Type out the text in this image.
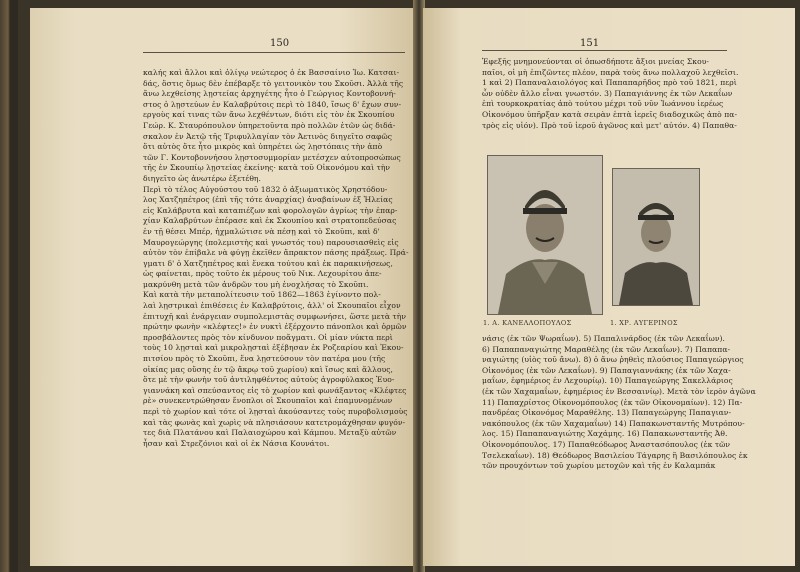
150	151
καλής καὶ ἄλλοι καὶ ὀλίγῳ νεώτερος ὁ ἐκ Βασσαίνιο Ἰω. Κατσαι-
δάς, ὅστις ὅμως δὲν ἐπέβαρξε τὸ γειτονικὸν του Σκοῦσι. Ἀλλὰ τῆς
ἄνω λεχθείσης λῃστείας ἀρχηγέτης ἦτο ὁ Γεώργιος Κοντοβοννή-
στος ὁ λῃστεύων ἐν Καλαβρύτοις περὶ τὸ 1840, ἴσως δ' ἔχων συν-
εργοὺς καί τινας τῶν ἄνω λεχθέντων, διότι εἰς τὸν ἐκ Σκουπίου
Γεώρ. Κ. Σταυρόπουλον ὑπηρετοῦντα πρὸ πολλῶν ἐτῶν ὡς διδά-
σκαλον ἐν Ἀετῷ τῆς Τριφυλλαγίαν τὸν Ἀετινὸς διηγεῖτο σαφῶς
ὅτι αὐτὸς ὅτε ἦτο μικρὸς καὶ ὑπηρέτει ὡς λῃστόπαις τὴν ἀπὸ
τῶν Γ. Κοντοβοννήσου λῃστοσυμμορίαν μετέσχεν αὐτοπροσώπως
τῆς ἐν Σκουπίῳ λῃστείας ἐκείνης· κατὰ τοῦ Οἰκονόμου καὶ τὴν
διηγεῖτο ὡς ἀνωτέρω ἐξετέθη.
Περὶ τὸ τέλος Αὐγούστου τοῦ 1832 ὁ ἀξιωματικὸς Χρηστόδου-
λος Χατζηπέτρος (ἐπὶ τῆς τότε ἀναρχίας) ἀναβαίνων ἐξ Ἠλείας
εἰς Καλάβρυτα καὶ καταπιέζων καὶ φορολογῶν ἀγρίως τὴν ἐπαρ-
χίαν Καλαβρύτων ἐπέρασε καὶ ἐκ Σκουπίου καὶ στρατοπεδεύσας
ἐν τῇ θέσει Μπέρ, ἠχμαλώτισε νὰ πέσῃ καὶ τὸ Σκοῦπι, καὶ δ'
Μαυρογεώργης (πολεμιστὴς καὶ γνωστός του) παρουσιασθεὶς εἰς
αὐτὸν τὸν ἐπίβαλε νὰ φύγῃ ἐκεῖθεν ἄπρακτον πάσης πράξεως. Πρά-
γματι δ' ὁ Χατζηπέτρος καὶ ἕνεκα τούτου καὶ ἐκ παρακινήσεως,
ὡς φαίνεται, πρὸς τοῦτο ἐκ μέρους τοῦ Νικ. Λεχουρίτου ἀπε-
μακρύνθη μετὰ τῶν ἀνδρῶν του μὴ ἐνοχλήσας τὸ Σκοῦπι.
Καὶ κατὰ τὴν μεταπολίτευσιν τοῦ 1862—1863 ἐγίνοντο πολ-
λαὶ λῃστρικαὶ ἐπιθέσεις ἐν Καλαβρύτοις, ἀλλ' οἱ Σκουπαῖοι εἶχον
ἐπιτυχῆ καὶ ἐνάργειαν συμπολεμιστὰς συμφωνήσει, ὥστε μετὰ τὴν
πρώτην φωνὴν «κλέφτες!» ἐν νυκτὶ ἐξέρχοντο πάνοπλοι καὶ ὁρμῶν
προσβάλοντες πρὸς τὸν κίνδυνον ποἄγματι. Οἱ μίαν νύκτα περὶ
τοὺς 10 λῃσταὶ καὶ μικρολῃσταὶ ἐξέβησαν ἐκ Ροζεαρίου καὶ Ἐκου-
πιτσίου πρὸς τὸ Σκοῦπι, ἕνα λῃστεύσουν τὸν πατέρα μου (τῆς
οἰκίας μας οὔσης ἐν τῷ ἄκρῳ τοῦ χωρίου) καὶ ἴσως καὶ ἄλλους,
ὅτε μὲ τὴν φωνὴν τοῦ ἀντιληφθέντος αὐτοὺς ἀγροφύλακος Ἐυο-
γιαννάκη καὶ σπεύσαντος εἰς τὸ χωρίον καὶ φωνάξαντος «Κλέφτες
ρὲ» συνεκεντρώθησαν ἔνοπλοι οἱ Σκουπαῖοι καὶ ἐπαμυνομένων
περὶ τὸ χωρίον καὶ τότε οἱ λῃσταὶ ἀκούσαντες τοὺς πυροβολισμοὺς
καὶ τὰς φωνὰς καὶ χωρὶς νὰ πλησιάσουν κατετρομάχθησαν φυγόν-
τες διὰ Πλατάνου καὶ Παλαιοχώρου καὶ Κάμπου. Μεταξὺ αὐτῶν
ἦσαν καὶ Στρεζόνιοι καὶ οἱ ἐκ Νάσια Κουνάτοι.
Ἐφεξῆς μνημονεύονται οἱ ὁπωσδήποτε ἄξιοι μνείας Σκου-
παῖοι, οἱ μὴ ἐπιζῶντες πλέον, παρὰ τοὺς ἄνω πολλαχοῦ λεχθεῖσι.
1 καὶ 2) Παπαναλαιολόγος καὶ Παπαπαρῆδος πρὸ τοῦ 1821, περὶ
ὧν οὐδὲν ἄλλο εἶναι γνωστόν. 3) Παπαγιάννης ἐκ τῶν Λεκαΐων
ἐπὶ τουρκοκρατίας ἀπὸ τούτου μέχρι τοῦ νῦν Ἰωάννου ἱερέως
Οἰκονόμου ὑπῆρξαν κατὰ σειρὰν ἑπτὰ ἱερεῖς διαδοχικῶς ἀπὸ πα-
τρὸς εἰς υἱόν). Πρὸ τοῦ ἱεροῦ ἀγῶνος καὶ μετ' αὐτόν. 4) Παπαθα-
1. Α. ΚΑΝΕΛΛΟΠΟΥΛΟΣ	1. ΧΡ. ΑΥΓΕΡΙΝΟΣ
νάσις (ἐκ τῶν Ψωραΐων). 5) Παπαλινάρδος (ἐκ τῶν Λεκαΐων).
6) Παπαπαναγιώτης Μαραθέλης (ἐκ τῶν Λεκαΐων). 7) Παπαπα-
ναγιώτης (υἱὸς τοῦ ἄνω). 8) ὁ ἄνω ῥηθεὶς πλούσιος Παπαγεώργιος
Οἰκονόμος (ἐκ τῶν Λεκαΐων). 9) Παπαγιαννάκης (ἐκ τῶν Χαχα-
μαΐων, ἐφημέριος ἐν Λεχουρίῳ). 10) Παπαγεώργης Σακελλάριος
(ἐκ τῶν Χαχαμαΐων, ἐφημέριος ἐν Βεσσαινίῳ). Μετὰ τὸν ἱερὸν ἀγῶνα
11) Παπαχρίστος Οἰκονομόπουλος (ἐκ τῶν Οἰκονομαίων). 12) Πα-
πανδρέας Οἰκονόμος Μαραθέλης. 13) Παπαγεώργης Παπαγιαν-
νακόπουλος (ἐκ τῶν Χαχαμαΐων) 14) Παπακωνσταντῆς Μυτρόπου-
λος. 15) Παπαπαναγιώτης Χαχάμης. 16) Παπακωνσταντῆς Ἀθ.
Οἰκονομόπουλος. 17) Παπαθεόδωρος Ἀναστασόπουλος (ἐκ τῶν
Τσελεκαΐων). 18) Θεόδωρος Βασιλείου Τάγαρης ἢ Βασιλόπουλος ἐκ
τῶν προυχόντων τοῦ χωρίου μετοχῶν καὶ τῆς ἐν Καλαμπάκ
